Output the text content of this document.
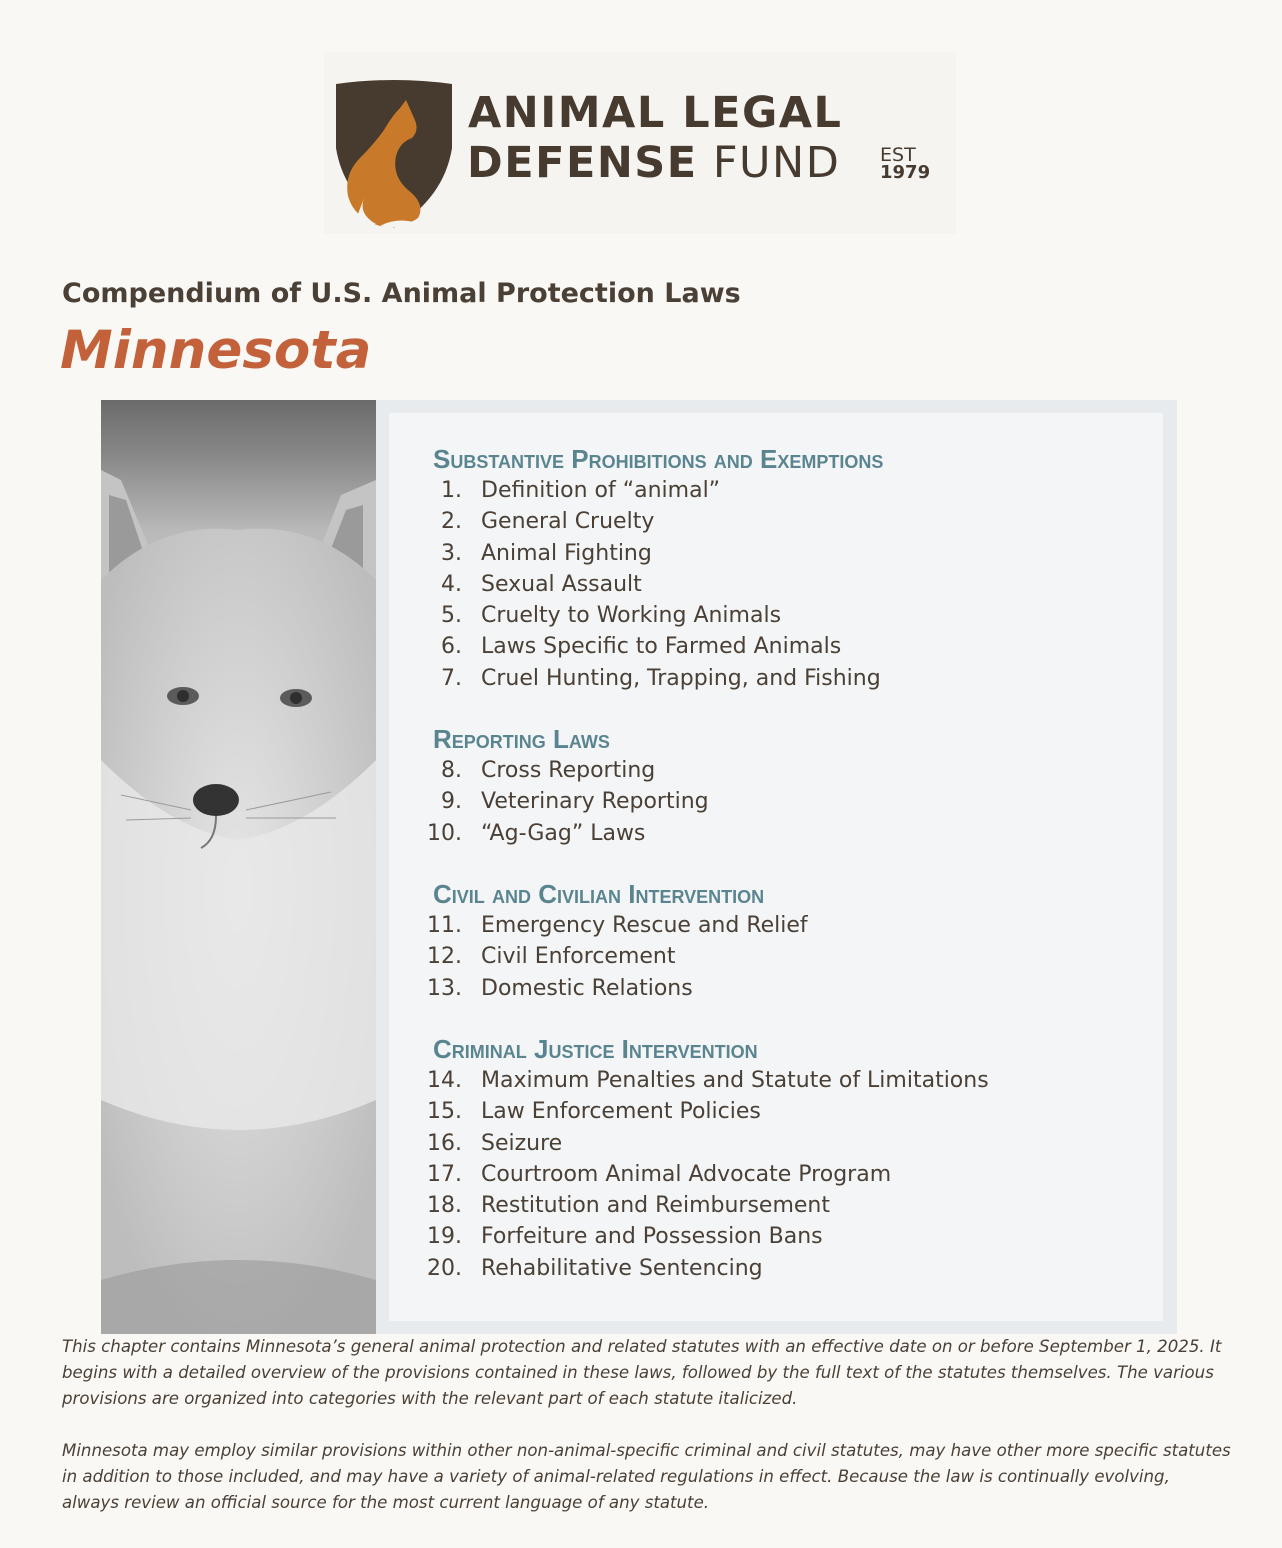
ANIMAL LEGAL
DEFENSE FUND EST
1979
Compendium of U.S. Animal Protection Laws
Minnesota
Substantive Prohibitions and Exemptions
1. Definition of “animal”
2. General Cruelty
3. Animal Fighting
4. Sexual Assault
5. Cruelty to Working Animals
6. Laws Specific to Farmed Animals
7. Cruel Hunting, Trapping, and Fishing
Reporting Laws
8. Cross Reporting
9. Veterinary Reporting
10. “Ag-Gag” Laws
Civil and Civilian Intervention
11. Emergency Rescue and Relief
12. Civil Enforcement
13. Domestic Relations
Criminal Justice Intervention
14. Maximum Penalties and Statute of Limitations
15. Law Enforcement Policies
16. Seizure
17. Courtroom Animal Advocate Program
18. Restitution and Reimbursement
19. Forfeiture and Possession Bans
20. Rehabilitative Sentencing

This chapter contains Minnesota’s general animal protection and related statutes with an effective date on or before September 1, 2025. It begins with a detailed overview of the provisions contained in these laws, followed by the full text of the statutes themselves. The various provisions are organized into categories with the relevant part of each statute italicized.

Minnesota may employ similar provisions within other non-animal-specific criminal and civil statutes, may have other more specific statutes in addition to those included, and may have a variety of animal-related regulations in effect. Because the law is continually evolving, always review an official source for the most current language of any statute.
